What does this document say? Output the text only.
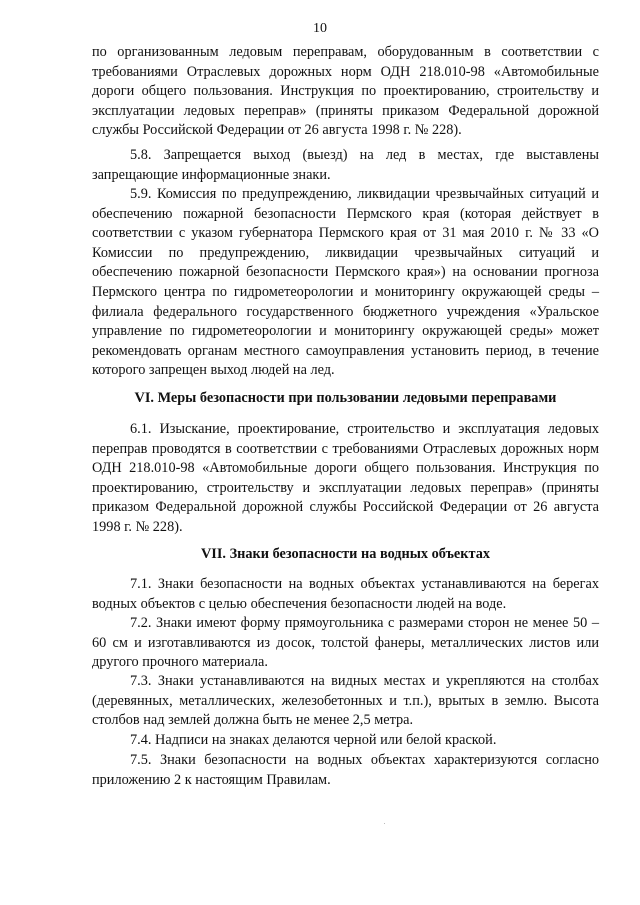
10
по организованным ледовым переправам, оборудованным в соответствии с требованиями Отраслевых дорожных норм ОДН 218.010-98 «Автомобильные дороги общего пользования. Инструкция по проектированию, строительству и эксплуатации ледовых переправ» (приняты приказом Федеральной дорожной службы Российской Федерации от 26 августа 1998 г. № 228).
5.8. Запрещается выход (выезд) на лед в местах, где выставлены запрещающие информационные знаки.
5.9. Комиссия по предупреждению, ликвидации чрезвычайных ситуаций и обеспечению пожарной безопасности Пермского края (которая действует в соответствии с указом губернатора Пермского края от 31 мая 2010 г. № 33 «О Комиссии по предупреждению, ликвидации чрезвычайных ситуаций и обеспечению пожарной безопасности Пермского края») на основании прогноза Пермского центра по гидрометеорологии и мониторингу окружающей среды – филиала федерального государственного бюджетного учреждения «Уральское управление по гидрометеорологии и мониторингу окружающей среды» может рекомендовать органам местного самоуправления установить период, в течение которого запрещен выход людей на лед.
VI. Меры безопасности при пользовании ледовыми переправами
6.1. Изыскание, проектирование, строительство и эксплуатация ледовых переправ проводятся в соответствии с требованиями Отраслевых дорожных норм ОДН 218.010-98 «Автомобильные дороги общего пользования. Инструкция по проектированию, строительству и эксплуатации ледовых переправ» (приняты приказом Федеральной дорожной службы Российской Федерации от 26 августа 1998 г. № 228).
VII. Знаки безопасности на водных объектах
7.1. Знаки безопасности на водных объектах устанавливаются на берегах водных объектов с целью обеспечения безопасности людей на воде.
7.2. Знаки имеют форму прямоугольника с размерами сторон не менее 50 – 60 см и изготавливаются из досок, толстой фанеры, металлических листов или другого прочного материала.
7.3. Знаки устанавливаются на видных местах и укрепляются на столбах (деревянных, металлических, железобетонных и т.п.), врытых в землю. Высота столбов над землей должна быть не менее 2,5 метра.
7.4. Надписи на знаках делаются черной или белой краской.
7.5. Знаки безопасности на водных объектах характеризуются согласно приложению 2 к настоящим Правилам.
